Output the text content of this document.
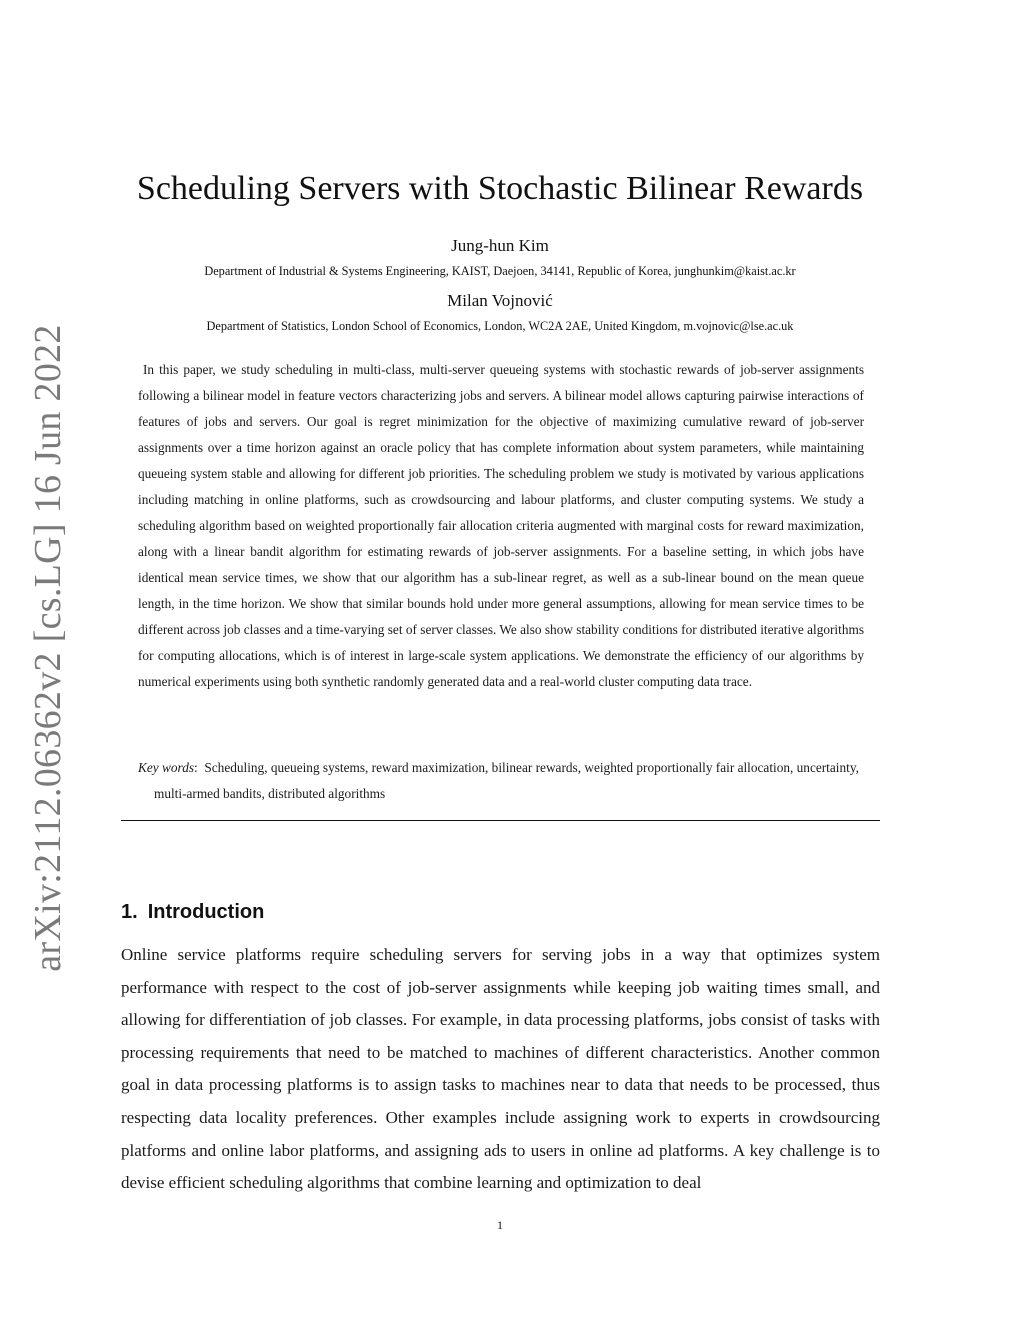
arXiv:2112.06362v2 [cs.LG] 16 Jun 2022
Scheduling Servers with Stochastic Bilinear Rewards
Jung-hun Kim
Department of Industrial & Systems Engineering, KAIST, Daejoen, 34141, Republic of Korea, junghunkim@kaist.ac.kr
Milan Vojnović
Department of Statistics, London School of Economics, London, WC2A 2AE, United Kingdom, m.vojnovic@lse.ac.uk

In this paper, we study scheduling in multi-class, multi-server queueing systems with stochastic rewards of job-server assignments following a bilinear model in feature vectors characterizing jobs and servers. A bilinear model allows capturing pairwise interactions of features of jobs and servers. Our goal is regret minimization for the objective of maximizing cumulative reward of job-server assignments over a time horizon against an oracle policy that has complete information about system parameters, while maintaining queueing system stable and allowing for different job priorities. The scheduling problem we study is motivated by various applications including matching in online platforms, such as crowdsourcing and labour platforms, and cluster computing systems. We study a scheduling algorithm based on weighted proportionally fair allocation criteria augmented with marginal costs for reward maximization, along with a linear bandit algorithm for estimating rewards of job-server assignments. For a baseline setting, in which jobs have identical mean service times, we show that our algorithm has a sub-linear regret, as well as a sub-linear bound on the mean queue length, in the time horizon. We show that similar bounds hold under more general assumptions, allowing for mean service times to be different across job classes and a time-varying set of server classes. We also show stability conditions for distributed iterative algorithms for computing allocations, which is of interest in large-scale system applications. We demonstrate the efficiency of our algorithms by numerical experiments using both synthetic randomly generated data and a real-world cluster computing data trace.

Key words:  Scheduling, queueing systems, reward maximization, bilinear rewards, weighted proportionally fair allocation, uncertainty, multi-armed bandits, distributed algorithms

1. Introduction

Online service platforms require scheduling servers for serving jobs in a way that optimizes system performance with respect to the cost of job-server assignments while keeping job waiting times small, and allowing for differentiation of job classes. For example, in data processing platforms, jobs consist of tasks with processing requirements that need to be matched to machines of different characteristics. Another common goal in data processing platforms is to assign tasks to machines near to data that needs to be processed, thus respecting data locality preferences. Other examples include assigning work to experts in crowdsourcing platforms and online labor platforms, and assigning ads to users in online ad platforms. A key challenge is to devise efficient scheduling algorithms that combine learning and optimization to deal

1
